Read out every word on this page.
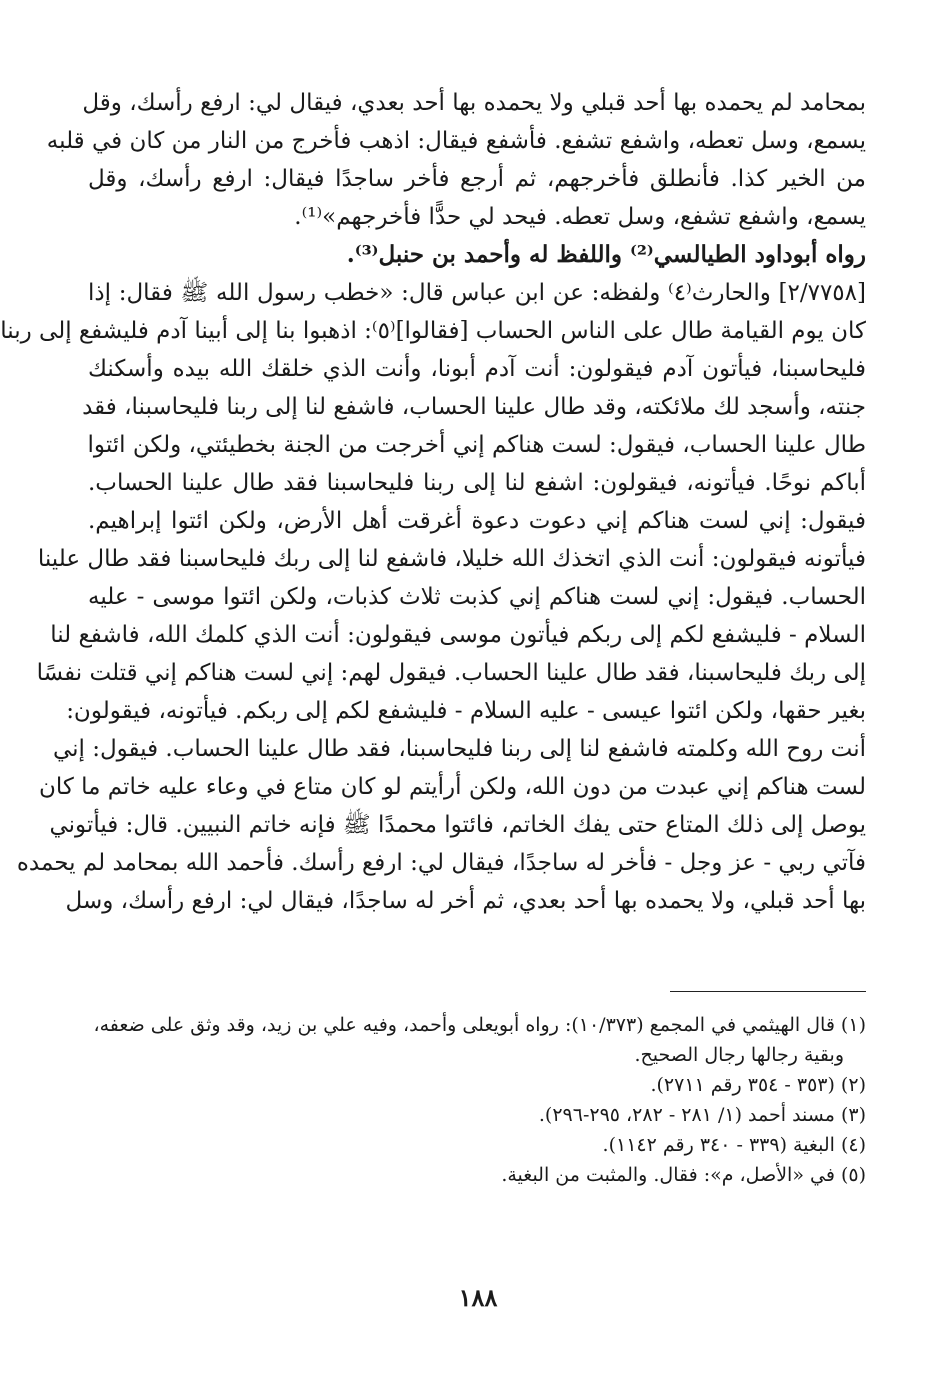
بمحامد لم يحمده بها أحد قبلي ولا يحمده بها أحد بعدي، فيقال لي: ارفع رأسك، وقل
يسمع، وسل تعطه، واشفع تشفع. فأشفع فيقال: اذهب فأخرج من النار من كان في قلبه
من الخير كذا. فأنطلق فأخرجهم، ثم أرجع فأخر ساجدًا فيقال: ارفع رأسك، وقل
يسمع، واشفع تشفع، وسل تعطه. فيحد لي حدًّا فأخرجهم»⁽¹⁾.
رواه أبوداود الطيالسي⁽²⁾ واللفظ له وأحمد بن حنبل⁽³⁾.
[٢/٧٧٥٨] والحارث⁽٤⁾ ولفظه: عن ابن عباس قال: «خطب رسول الله ﷺ فقال: إذا
كان يوم القيامة طال على الناس الحساب [فقالوا]⁽٥⁾: اذهبوا بنا إلى أبينا آدم فليشفع إلى ربنا
فليحاسبنا، فيأتون آدم فيقولون: أنت آدم أبونا، وأنت الذي خلقك الله بيده وأسكنك
جنته، وأسجد لك ملائكته، وقد طال علينا الحساب، فاشفع لنا إلى ربنا فليحاسبنا، فقد
طال علينا الحساب، فيقول: لست هناكم إني أخرجت من الجنة بخطيئتي، ولكن ائتوا
أباكم نوحًا. فيأتونه، فيقولون: اشفع لنا إلى ربنا فليحاسبنا فقد طال علينا الحساب.
فيقول: إني لست هناكم إني دعوت دعوة أغرقت أهل الأرض، ولكن ائتوا إبراهيم.
فيأتونه فيقولون: أنت الذي اتخذك الله خليلا، فاشفع لنا إلى ربك فليحاسبنا فقد طال علينا
الحساب. فيقول: إني لست هناكم إني كذبت ثلاث كذبات، ولكن ائتوا موسى - عليه
السلام - فليشفع لكم إلى ربكم فيأتون موسى فيقولون: أنت الذي كلمك الله، فاشفع لنا
إلى ربك فليحاسبنا، فقد طال علينا الحساب. فيقول لهم: إني لست هناكم إني قتلت نفسًا
بغير حقها، ولكن ائتوا عيسى - عليه السلام - فليشفع لكم إلى ربكم. فيأتونه، فيقولون:
أنت روح الله وكلمته فاشفع لنا إلى ربنا فليحاسبنا، فقد طال علينا الحساب. فيقول: إني
لست هناكم إني عبدت من دون الله، ولكن أرأيتم لو كان متاع في وعاء عليه خاتم ما كان
يوصل إلى ذلك المتاع حتى يفك الخاتم، فائتوا محمدًا ﷺ فإنه خاتم النبيين. قال: فيأتوني
فآتي ربي - عز وجل - فأخر له ساجدًا، فيقال لي: ارفع رأسك. فأحمد الله بمحامد لم يحمده
بها أحد قبلي، ولا يحمده بها أحد بعدي، ثم أخر له ساجدًا، فيقال لي: ارفع رأسك، وسل
(١) قال الهيثمي في المجمع (١٠/٣٧٣): رواه أبويعلى وأحمد، وفيه علي بن زيد، وقد وثق على ضعفه،
وبقية رجالها رجال الصحيح.
(٢) (٣٥٣ - ٣٥٤ رقم ٢٧١١).
(٣) مسند أحمد (١/ ٢٨١ - ٢٨٢، ٢٩٥-٢٩٦).
(٤) البغية (٣٣٩ - ٣٤٠ رقم ١١٤٢).
(٥) في «الأصل، م»: فقال. والمثبت من البغية.
١٨٨
